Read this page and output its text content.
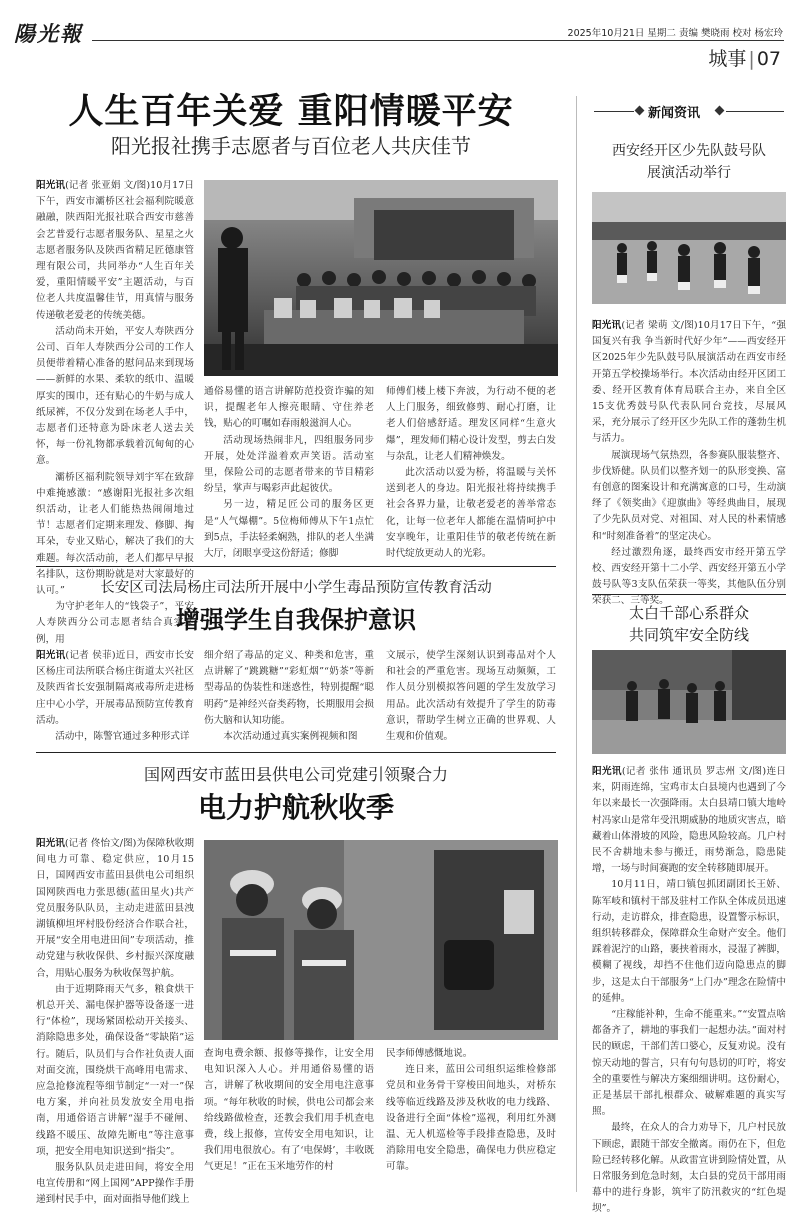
陽光報	2025年10月21日 星期二 责编 樊晓雨 校对 杨宏玲
城事 | 07
人生百年关爱 重阳情暖平安
阳光报社携手志愿者与百位老人共庆佳节

阳光讯(记者 张亚娟 文/图)10月17日下午，西安市灞桥区社会福利院暖意融融，陕西阳光报社联合西安市慈善会艺普爱行志愿者服务队、星星之火志愿者服务队及陕西省精足匠德康管理有限公司，共同举办“人生百年关爱，重阳情暖平安”主题活动，与百位老人共度温馨佳节，用真情与服务传递敬老爱老的传统美德。

活动尚未开始，平安人寿陕西分公司、百年人寿陕西分公司的工作人员便带着精心准备的慰问品来到现场——新鲜的水果、柔软的纸巾、温暖厚实的围巾，还有贴心的牛奶与成人纸尿裤，不仅分发到在场老人手中，志愿者们还特意为卧床老人送去关怀，每一份礼物都承载着沉甸甸的心意。

灞桥区福利院领导刘宇军在致辞中难掩感激：“感谢阳光报社多次组织活动，让老人们能热热闹闹地过节！志愿者们定期来理发、修脚、掏耳朵，专业又贴心，解决了我们的大难题。每次活动前，老人们都早早报名排队，这份期盼就是对大家最好的认可。”

为守护老年人的“钱袋子”，平安人寿陕西分公司志愿者结合真实案例，用

通俗易懂的语言讲解防范投资诈骗的知识，提醒老年人擦亮眼睛、守住养老钱，贴心的叮嘱如春雨般滋润人心。

活动现场热闹非凡，四组服务同步开展，处处洋溢着欢声笑语。活动室里，保险公司的志愿者带来的节目精彩纷呈，掌声与喝彩声此起彼伏。

另一边，精足匠公司的服务区更是“人气爆棚”。5位梅师傅从下午1点忙到5点，手法轻柔娴熟，排队的老人坐满大厅，闭眼享受这份舒适；修脚

师傅们楼上楼下奔波，为行动不便的老人上门服务，细致修剪、耐心打磨，让老人们倍感舒适。理发区同样“生意火爆”，理发师们精心设计发型，剪去白发与杂乱，让老人们精神焕发。

此次活动以爱为桥，将温暖与关怀送到老人的身边。阳光报社将持续携手社会各界力量，让敬老爱老的善举常态化，让每一位老年人都能在温情呵护中安享晚年，让重阳佳节的敬老传统在新时代绽放更动人的光彩。

新闻资讯
西安经开区少先队鼓号队
展演活动举行

阳光讯(记者 梁萌 文/图)10月17日下午，“强国复兴有我 争当新时代好少年”——西安经开区2025年少先队鼓号队展演活动在西安市经开第五学校操场举行。本次活动由经开区团工委、经开区教育体育局联合主办，来自全区15支优秀鼓号队代表队同台竞技，尽展风采，充分展示了经开区少先队工作的蓬勃生机与活力。

展演现场气氛热烈，各参赛队服装整齐、步伐矫健。队员们以整齐划一的队形变换、富有创意的图案设计和充满寓意的口号，生动演绎了《领奖曲》《迎旗曲》等经典曲目，展现了少先队员对党、对祖国、对人民的朴素情感和“时刻准备着”的坚定决心。

经过激烈角逐，最终西安市经开第五学校、西安经开第十二小学、西安经开第五小学鼓号队等3支队伍荣获一等奖，其他队伍分别荣获二、三等奖。

长安区司法局杨庄司法所开展中小学生毒品预防宣传教育活动
增强学生自我保护意识

阳光讯(记者 侯菲)近日，西安市长安区杨庄司法所联合杨庄街道太兴社区及陕西省长安强制隔离戒毒所走进杨庄中心小学，开展毒品预防宣传教育活动。

活动中，陈警官通过多种形式详

细介绍了毒品的定义、种类和危害，重点讲解了“跳跳糖”“彩虹烟”“奶茶”等新型毒品的伪装性和迷惑性，特别提醒“聪明药”是神经兴奋类药物，长期服用会损伤大脑和认知功能。

本次活动通过真实案例视频和图

文展示，使学生深刻认识到毒品对个人和社会的严重危害。现场互动频频，工作人员分别模拟答问题的学生发放学习用品。此次活动有效提升了学生的防毒意识，帮助学生树立正确的世界观、人生观和价值观。

国网西安市蓝田县供电公司党建引领聚合力
电力护航秋收季

阳光讯(记者 佟怡文/图)为保障秋收期间电力可靠、稳定供应，10月15日，国网西安市蓝田县供电公司组织国网陕西电力张思德(蓝田星火)共产党员服务队队员，主动走进蓝田县洩湖镇柳坦坪村股份经济合作联合社，开展“安全用电进田间”专项活动，推动党建与秋收保供、乡村振兴深度融合，用贴心服务为秋收保驾护航。

由于近期降雨天气多，粮食烘干机总开关、漏电保护器等设备逐一进行“体检”，现场紧固松动开关接头、消除隐患多处，确保设备“零缺陷”运行。随后，队员们与合作社负责人面对面交流，围绕烘干高峰用电需求、应急抢修流程等细节制定“一对一”保电方案，并向社员发放安全用电指南，用通俗语言讲解“湿手不碰闸、线路不暖压、故障先断电”等注意事项，把安全用电知识送到“指尖”。

服务队队员走进田间，将安全用电宣传册和“网上国网”APP操作手册递到村民手中，面对面指导他们线上

查询电费余额、报修等操作，让安全用电知识深入人心。并用通俗易懂的语言，讲解了秋收期间的安全用电注意事项。“每年秋收的时候，供电公司都会来给线路做检查，还教会我们用手机查电费，线上报修，宣传安全用电知识，让我们用电很放心。有了‘电保姆’，丰收既气更足！”正在玉米地劳作的村

民李师傅感慨地说。

连日来，蓝田公司组织运维检修部党员和业务骨干穿梭田间地头，对桥东线等临近线路及涉及秋收的电力线路、设备进行全面“体检”巡视，利用红外测温、无人机巡检等手段排查隐患，及时消除用电安全隐患，确保电力供应稳定可靠。

太白千部心系群众
共同筑牢安全防线

阳光讯(记者 张伟 通讯员 罗志州 文/图)连日来，阴雨连绵，宝鸡市太白县境内也遇到了今年以来最长一次强降雨。太白县靖口镇大地岭村冯家山是常年受汛期威胁的地质灾害点，暗藏着山体滑坡的风险，隐患风险较高。几户村民不舍耕地未参与搬迁，雨势渐急，隐患陡增，一场与时间赛跑的安全转移随即展开。

10月11日，靖口镇包抓团副团长王娇、陈军岐和镇村干部及驻村工作队全体成员迅速行动，走访群众，排查隐患，设置警示标识，组织转移群众，保障群众生命财产安全。他们踩着泥泞的山路，裹挟着雨水，浸湿了裤脚，模糊了视线，却挡不住他们迈向隐患点的脚步，这是太白干部服务“上门办”理念在险情中的延伸。

“庄稼能补种，生命不能重来。”“安置点啥都备齐了，耕地的事我们一起想办法。”面对村民的顾虑，干部们苦口婆心，反复劝说。没有惊天动地的誓言，只有句句恳切的叮咛，将安全的重要性与解决方案细细讲明。这份耐心，正是基层干部扎根群众、破解难题的真实写照。

最终，在众人的合力劝导下，几户村民放下顾虑，跟随干部安全撤离。雨仍在下，但危险已经转移化解。从政雷宣讲到险情处置，从日常服务到危急时刻，太白县的党员干部用雨幕中的进行身影，筑牢了防汛救灾的“红色堤坝”。
